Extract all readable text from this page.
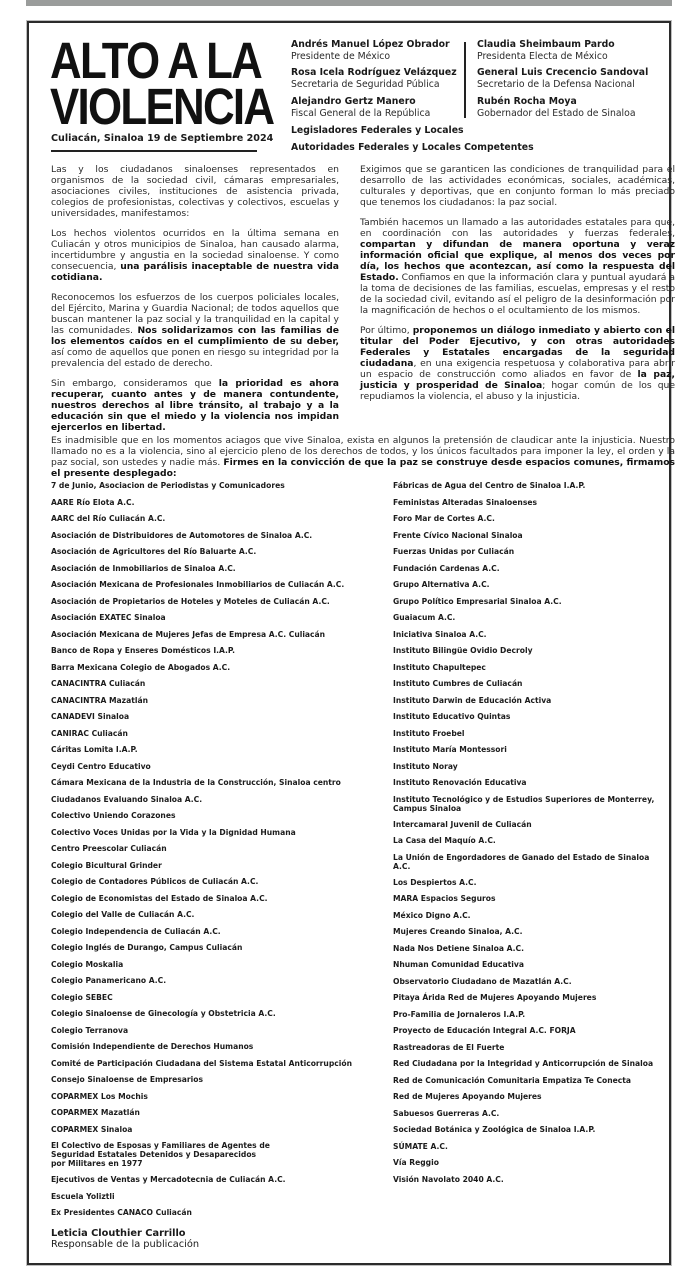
ALTO A LA
VIOLENCIA
Culiacán, Sinaloa 19 de Septiembre 2024
Andrés Manuel López Obrador
Presidente de México
Claudia Sheimbaum Pardo
Presidenta Electa de México
Rosa Icela Rodríguez Velázquez
Secretaria de Seguridad Pública
General Luis Crecencio Sandoval
Secretario de la Defensa Nacional
Alejandro Gertz Manero
Fiscal General de la República
Rubén Rocha Moya
Gobernador del Estado de Sinaloa
Legisladores Federales y Locales
Autoridades Federales y Locales Competentes

Las y los ciudadanos sinaloenses representados en organismos de la sociedad civil, cámaras empresariales, asociaciones civiles, instituciones de asistencia privada, colegios de profesionistas, colectivas y colectivos, escuelas y universidades, manifestamos:

Los hechos violentos ocurridos en la última semana en Culiacán y otros municipios de Sinaloa, han causado alarma, incertidumbre y angustia en la sociedad sinaloense. Y como consecuencia, una parálisis inaceptable de nuestra vida cotidiana.

Reconocemos los esfuerzos de los cuerpos policiales locales, del Ejército, Marina y Guardia Nacional; de todos aquellos que buscan mantener la paz social y la tranquilidad en la capital y las comunidades. Nos solidarizamos con las familias de los elementos caídos en el cumplimiento de su deber, así como de aquellos que ponen en riesgo su integridad por la prevalencia del estado de derecho.

Sin embargo, consideramos que la prioridad es ahora recuperar, cuanto antes y de manera contundente, nuestros derechos al libre tránsito, al trabajo y a la educación sin que el miedo y la violencia nos impidan ejercerlos en libertad.

Exigimos que se garanticen las condiciones de tranquilidad para el desarrollo de las actividades económicas, sociales, académicas, culturales y deportivas, que en conjunto forman lo más preciado que tenemos los ciudadanos: la paz social.

También hacemos un llamado a las autoridades estatales para que, en coordinación con las autoridades y fuerzas federales, compartan y difundan de manera oportuna y veraz información oficial que explique, al menos dos veces por día, los hechos que acontezcan, así como la respuesta del Estado. Confiamos en que la información clara y puntual ayudará a la toma de decisiones de las familias, escuelas, empresas y el resto de la sociedad civil, evitando así el peligro de la desinformación por la magnificación de hechos o el ocultamiento de los mismos.

Por último, proponemos un diálogo inmediato y abierto con el titular del Poder Ejecutivo, y con otras autoridades Federales y Estatales encargadas de la seguridad ciudadana, en una exigencia respetuosa y colaborativa para abrir un espacio de construcción como aliados en favor de la paz, justicia y prosperidad de Sinaloa; hogar común de los que repudiamos la violencia, el abuso y la injusticia.

Es inadmisible que en los momentos aciagos que vive Sinaloa, exista en algunos la pretensión de claudicar ante la injusticia. Nuestro llamado no es a la violencia, sino al ejercicio pleno de los derechos de todos, y los únicos facultados para imponer la ley, el orden y la paz social, son ustedes y nadie más. Firmes en la convicción de que la paz se construye desde espacios comunes, firmamos el presente desplegado:

7 de Junio, Asociacion de Periodistas y Comunicadores
AARE Río Elota A.C.
AARC del Río Culiacán A.C.
Asociación de Distribuidores de Automotores de Sinaloa A.C.
Asociación de Agricultores del Río Baluarte A.C.
Asociación de Inmobiliarios de Sinaloa A.C.
Asociación Mexicana de Profesionales Inmobiliarios de Culiacán A.C.
Asociación de Propietarios de Hoteles y Moteles de Culiacán A.C.
Asociación EXATEC Sinaloa
Asociación Mexicana de Mujeres Jefas de Empresa A.C. Culiacán
Banco de Ropa y Enseres Domésticos I.A.P.
Barra Mexicana Colegio de Abogados A.C.
CANACINTRA Culiacán
CANACINTRA Mazatlán
CANADEVI Sinaloa
CANIRAC Culiacán
Cáritas Lomita I.A.P.
Ceydi Centro Educativo
Cámara Mexicana de la Industria de la Construcción, Sinaloa centro
Ciudadanos Evaluando Sinaloa A.C.
Colectivo Uniendo Corazones
Colectivo Voces Unidas por la Vida y la Dignidad Humana
Centro Preescolar Culiacán
Colegio Bicultural Grinder
Colegio de Contadores Públicos de Culiacán A.C.
Colegio de Economistas del Estado de Sinaloa A.C.
Colegio del Valle de Culiacán A.C.
Colegio Independencia de Culiacán A.C.
Colegio Inglés de Durango, Campus Culiacán
Colegio Moskalia
Colegio Panamericano A.C.
Colegio SEBEC
Colegio Sinaloense de Ginecología y Obstetricia A.C.
Colegio Terranova
Comisión Independiente de Derechos Humanos
Comité de Participación Ciudadana del Sistema Estatal Anticorrupción
Consejo Sinaloense de Empresarios
COPARMEX Los Mochis
COPARMEX Mazatlán
COPARMEX Sinaloa
El Colectivo de Esposas y Familiares de Agentes de Seguridad Estatales Detenidos y Desaparecidos por Militares en 1977
Ejecutivos de Ventas y Mercadotecnia de Culiacán A.C.
Escuela Yoliztli
Ex Presidentes CANACO Culiacán
Fábricas de Agua del Centro de Sinaloa I.A.P.
Feministas Alteradas Sinaloenses
Foro Mar de Cortes A.C.
Frente Cívico Nacional Sinaloa
Fuerzas Unidas por Culiacán
Fundación Cardenas A.C.
Grupo Alternativa A.C.
Grupo Político Empresarial Sinaloa A.C.
Guaiacum A.C.
Iniciativa Sinaloa A.C.
Instituto Bilingüe Ovidio Decroly
Instituto Chapultepec
Instituto Cumbres de Culiacán
Instituto Darwin de Educación Activa
Instituto Educativo Quintas
Instituto Froebel
Instituto María Montessori
Instituto Noray
Instituto Renovación Educativa
Instituto Tecnológico y de Estudios Superiores de Monterrey, Campus Sinaloa
Intercamaral Juvenil de Culiacán
La Casa del Maquío A.C.
La Unión de Engordadores de Ganado del Estado de Sinaloa A.C.
Los Despiertos A.C.
MARA Espacios Seguros
México Digno A.C.
Mujeres Creando Sinaloa, A.C.
Nada Nos Detiene Sinaloa A.C.
Nhuman Comunidad Educativa
Observatorio Ciudadano de Mazatlán A.C.
Pitaya Árida Red de Mujeres Apoyando Mujeres
Pro-Familia de Jornaleros I.A.P.
Proyecto de Educación Integral A.C. FORJA
Rastreadoras de El Fuerte
Red Ciudadana por la Integridad y Anticorrupción de Sinaloa
Red de Comunicación Comunitaria Empatiza Te Conecta
Red de Mujeres Apoyando Mujeres
Sabuesos Guerreras A.C.
Sociedad Botánica y Zoológica de Sinaloa I.A.P.
SÚMATE A.C.
Vía Reggio
Visión Navolato 2040 A.C.
Leticia Clouthier Carrillo
Responsable de la publicación
